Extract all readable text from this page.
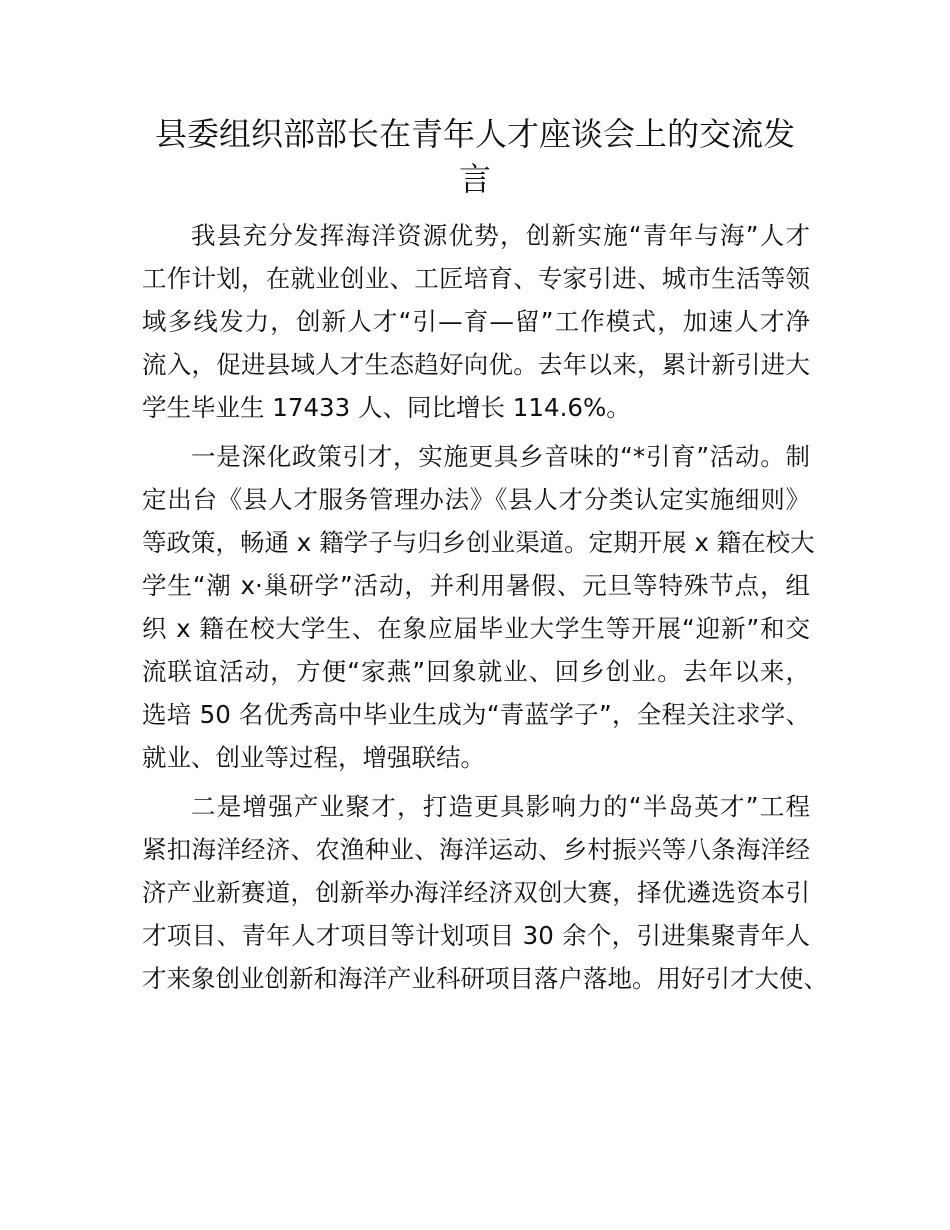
县委组织部部长在青年人才座谈会上的交流发
言
我县充分发挥海洋资源优势，创新实施“青年与海”人才
工作计划，在就业创业、工匠培育、专家引进、城市生活等领
域多线发力，创新人才“引—育—留”工作模式，加速人才净
流入，促进县域人才生态趋好向优。去年以来，累计新引进大
学生毕业生 17433 人、同比增长 114.6%。
一是深化政策引才，实施更具乡音味的“*引育”活动。制
定出台《县人才服务管理办法》《县人才分类认定实施细则》
等政策，畅通 x 籍学子与归乡创业渠道。定期开展 x 籍在校大
学生“潮 x·巢研学”活动，并利用暑假、元旦等特殊节点，组
织 x 籍在校大学生、在象应届毕业大学生等开展“迎新”和交
流联谊活动，方便“家燕”回象就业、回乡创业。去年以来，
选培 50 名优秀高中毕业生成为“青蓝学子”，全程关注求学、
就业、创业等过程，增强联结。
二是增强产业聚才，打造更具影响力的“半岛英才”工程
紧扣海洋经济、农渔种业、海洋运动、乡村振兴等八条海洋经
济产业新赛道，创新举办海洋经济双创大赛，择优遴选资本引
才项目、青年人才项目等计划项目 30 余个，引进集聚青年人
才来象创业创新和海洋产业科研项目落户落地。用好引才大使、
